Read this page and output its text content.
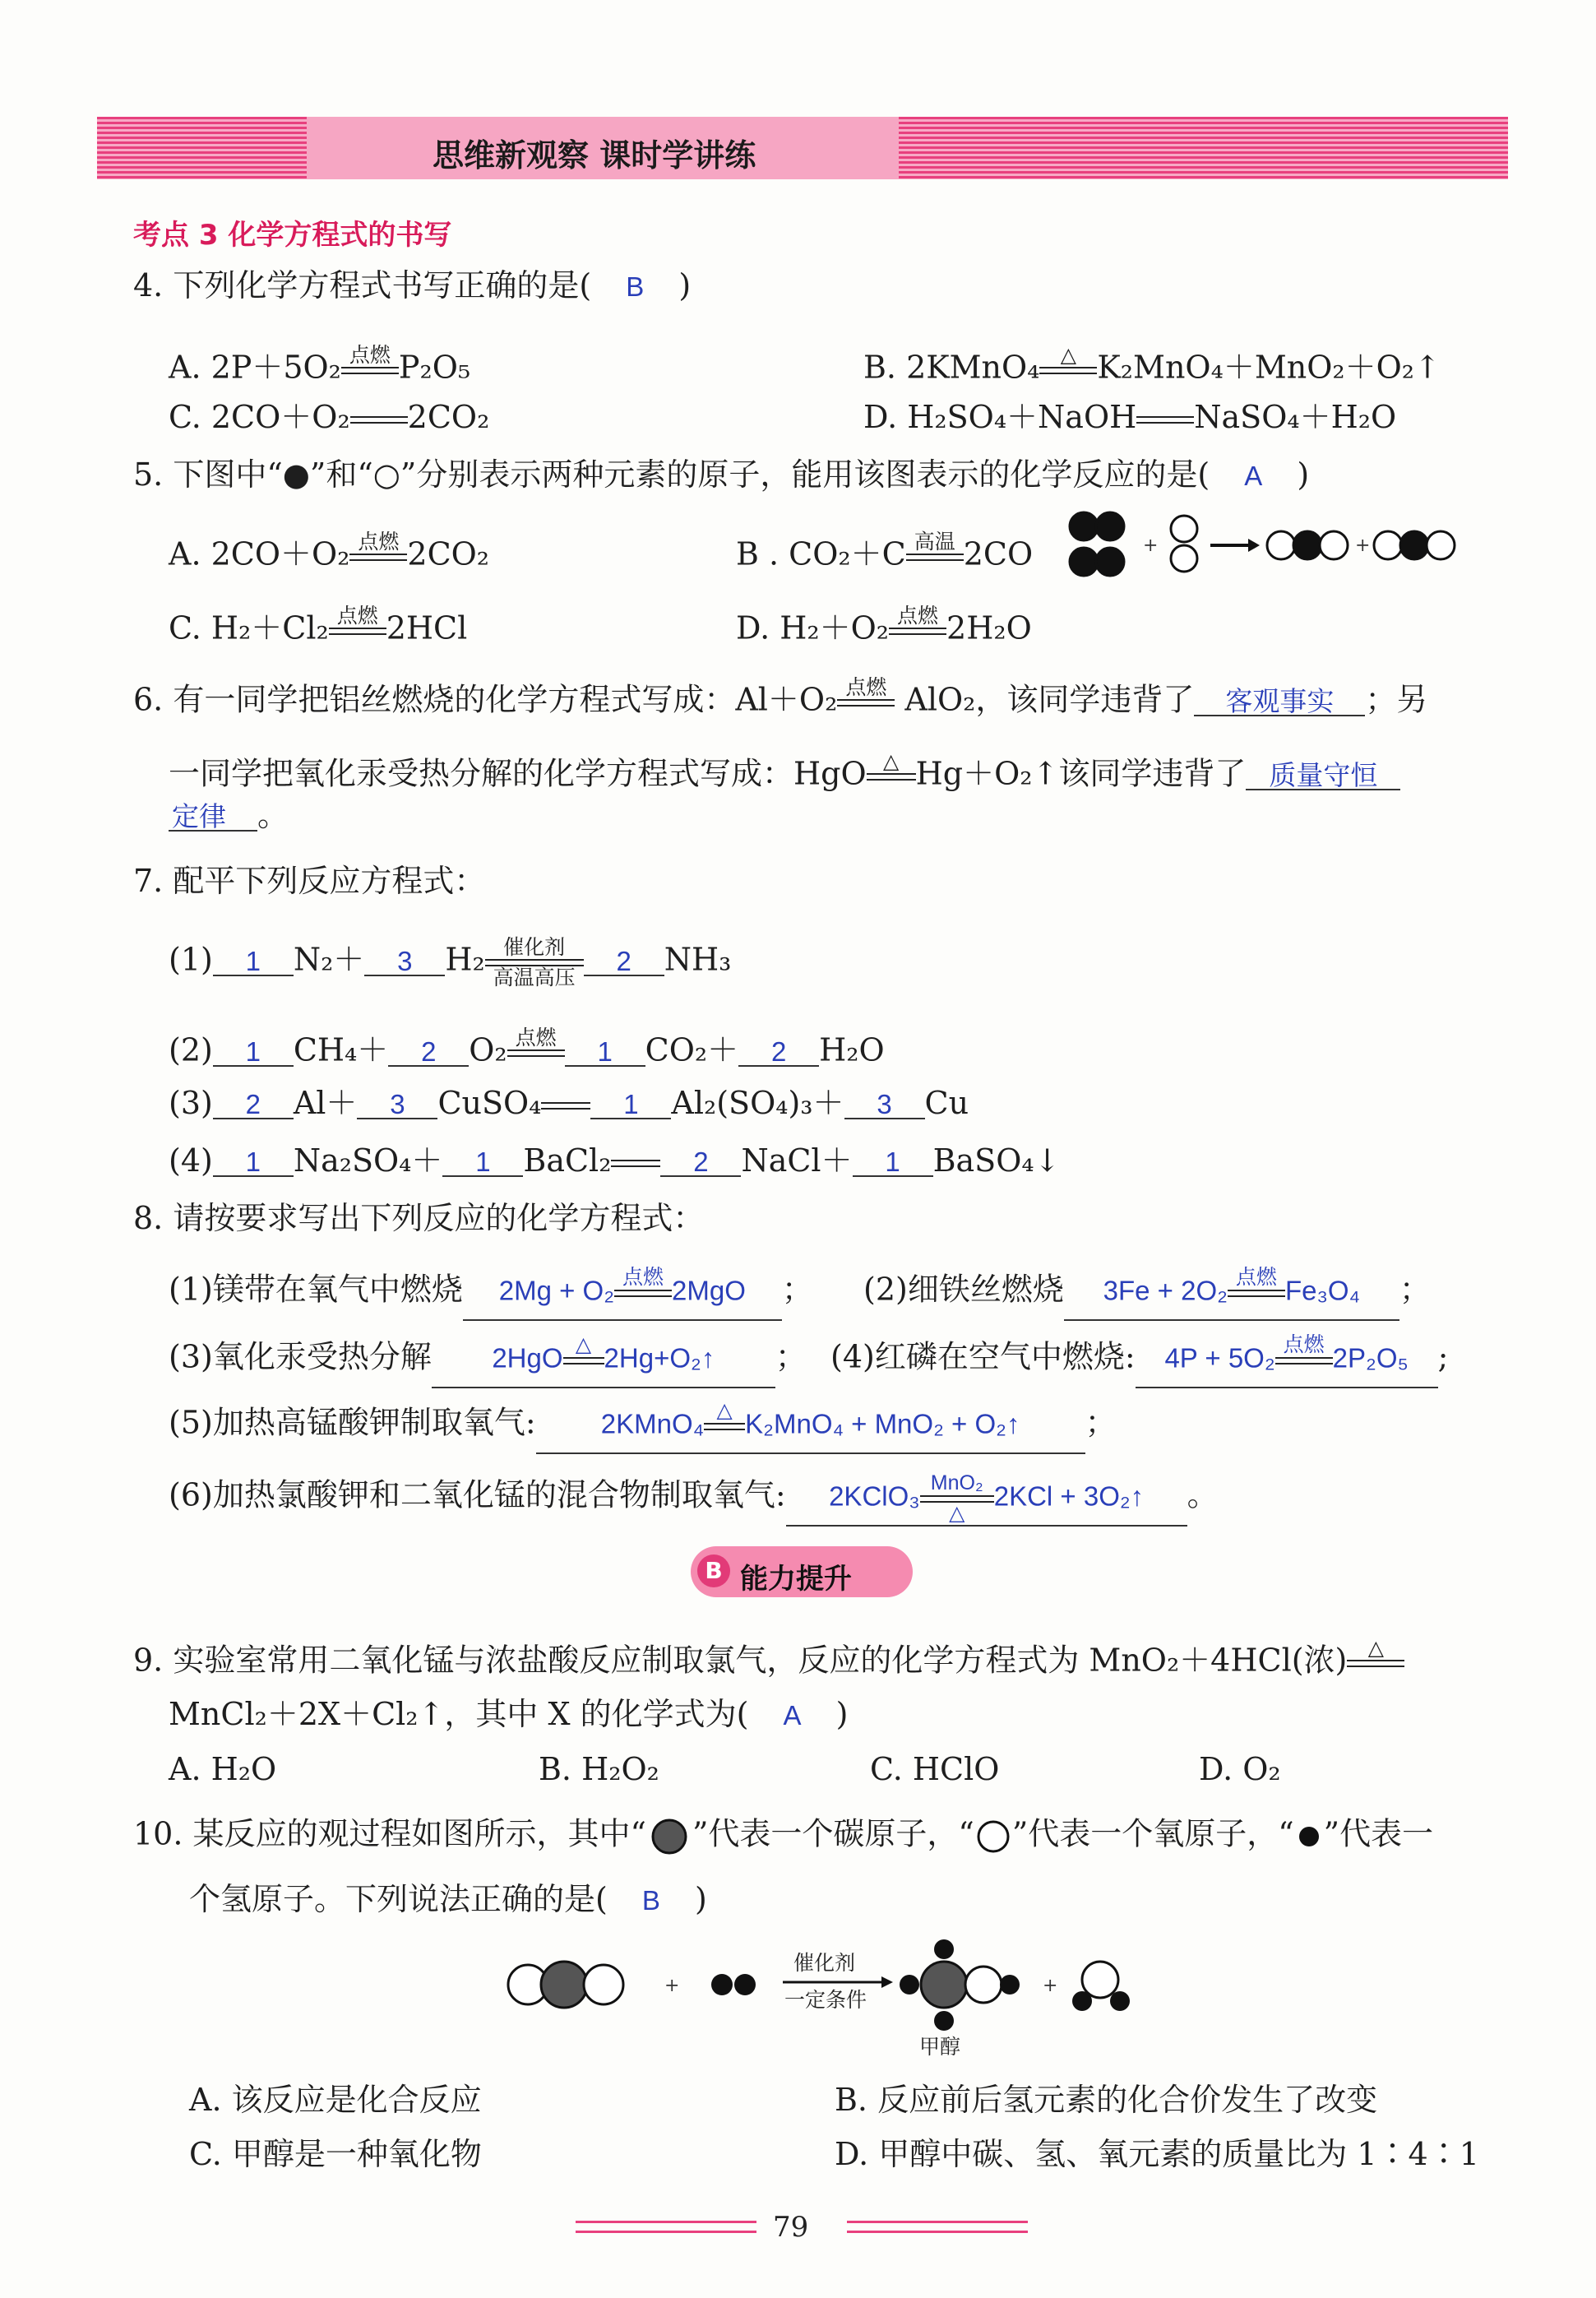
思维新观察 课时学讲练
考点 3 化学方程式的书写
4. 下列化学方程式书写正确的是( B )
A. 2P＋5O₂ 点燃
P₂O₅	B. 2KMnO₄	△
K₂MnO₄＋MnO₂＋O₂↑
C. 2CO＋O₂ 2CO₂	D. H₂SO₄＋NaOH NaSO₄＋H₂O
5. 下图中“●”和“○”分别表示两种元素的原子，能用该图表示的化学反应的是( A )
A. 2CO＋O₂ 点燃
2CO₂	B . CO₂＋C 高温
2CO
C. H₂＋Cl₂ 点燃
2HCl	D. H₂＋O₂ 点燃
2H₂O
+	+
6. 有一同学把铝丝燃烧的化学方程式写成：Al＋O₂ 点燃
AlO₂，该同学违背了 客观事实 ；另
一同学把氧化汞受热分解的化学方程式写成：HgO △
Hg＋O₂↑该同学违背了 质量守恒
定律 。
7. 配平下列反应方程式：
(1) 1 N₂＋ 3 H₂ 催化剂
高温高压
2 NH₃
(2) 1 CH₄＋ 2 O₂ 点燃
	1 CO₂＋ 2 H₂O
(3) 2 Al＋ 3 CuSO₄	1 Al₂(SO₄)₃＋ 3 Cu
(4) 1 Na₂SO₄＋ 1 BaCl₂	2 NaCl＋ 1 BaSO₄↓
8. 请按要求写出下列反应的化学方程式：
(1)镁带在氧气中燃烧 2Mg + O₂ 点燃
2MgO ； (2)细铁丝燃烧 3Fe + 2O₂ 点燃
Fe₃O₄ ；
(3)氧化汞受热分解 2HgO △
2Hg+O₂↑ ； (4)红磷在空气中燃烧: 4P + 5O₂ 点燃
2P₂O₅ ;
(5)加热高锰酸钾制取氧气: 2KMnO₄ △
K₂MnO₄ + MnO₂ + O₂↑ ；
(6)加热氯酸钾和二氧化锰的混合物制取氧气: 2KClO₃ MnO₂
△
2KCl + 3O₂↑ 。
B 能力提升
9. 实验室常用二氧化锰与浓盐酸反应制取氯气，反应的化学方程式为 MnO₂＋4HCl(浓)	△

MnCl₂＋2X＋Cl₂↑，其中 X 的化学式为( A )
A. H₂O	B. H₂O₂	C. HClO	D. O₂
10. 某反应的观过程如图所示，其中“ ”代表一个碳原子，“ ”代表一个氧原子，“ ”代表一
个氢原子。下列说法正确的是( B )
+
催化剂
一定条件
甲醇
+
A. 该反应是化合反应	B. 反应前后氢元素的化合价发生了改变
C. 甲醇是一种氧化物	D. 甲醇中碳、氢、氧元素的质量比为 1∶4∶1
79
